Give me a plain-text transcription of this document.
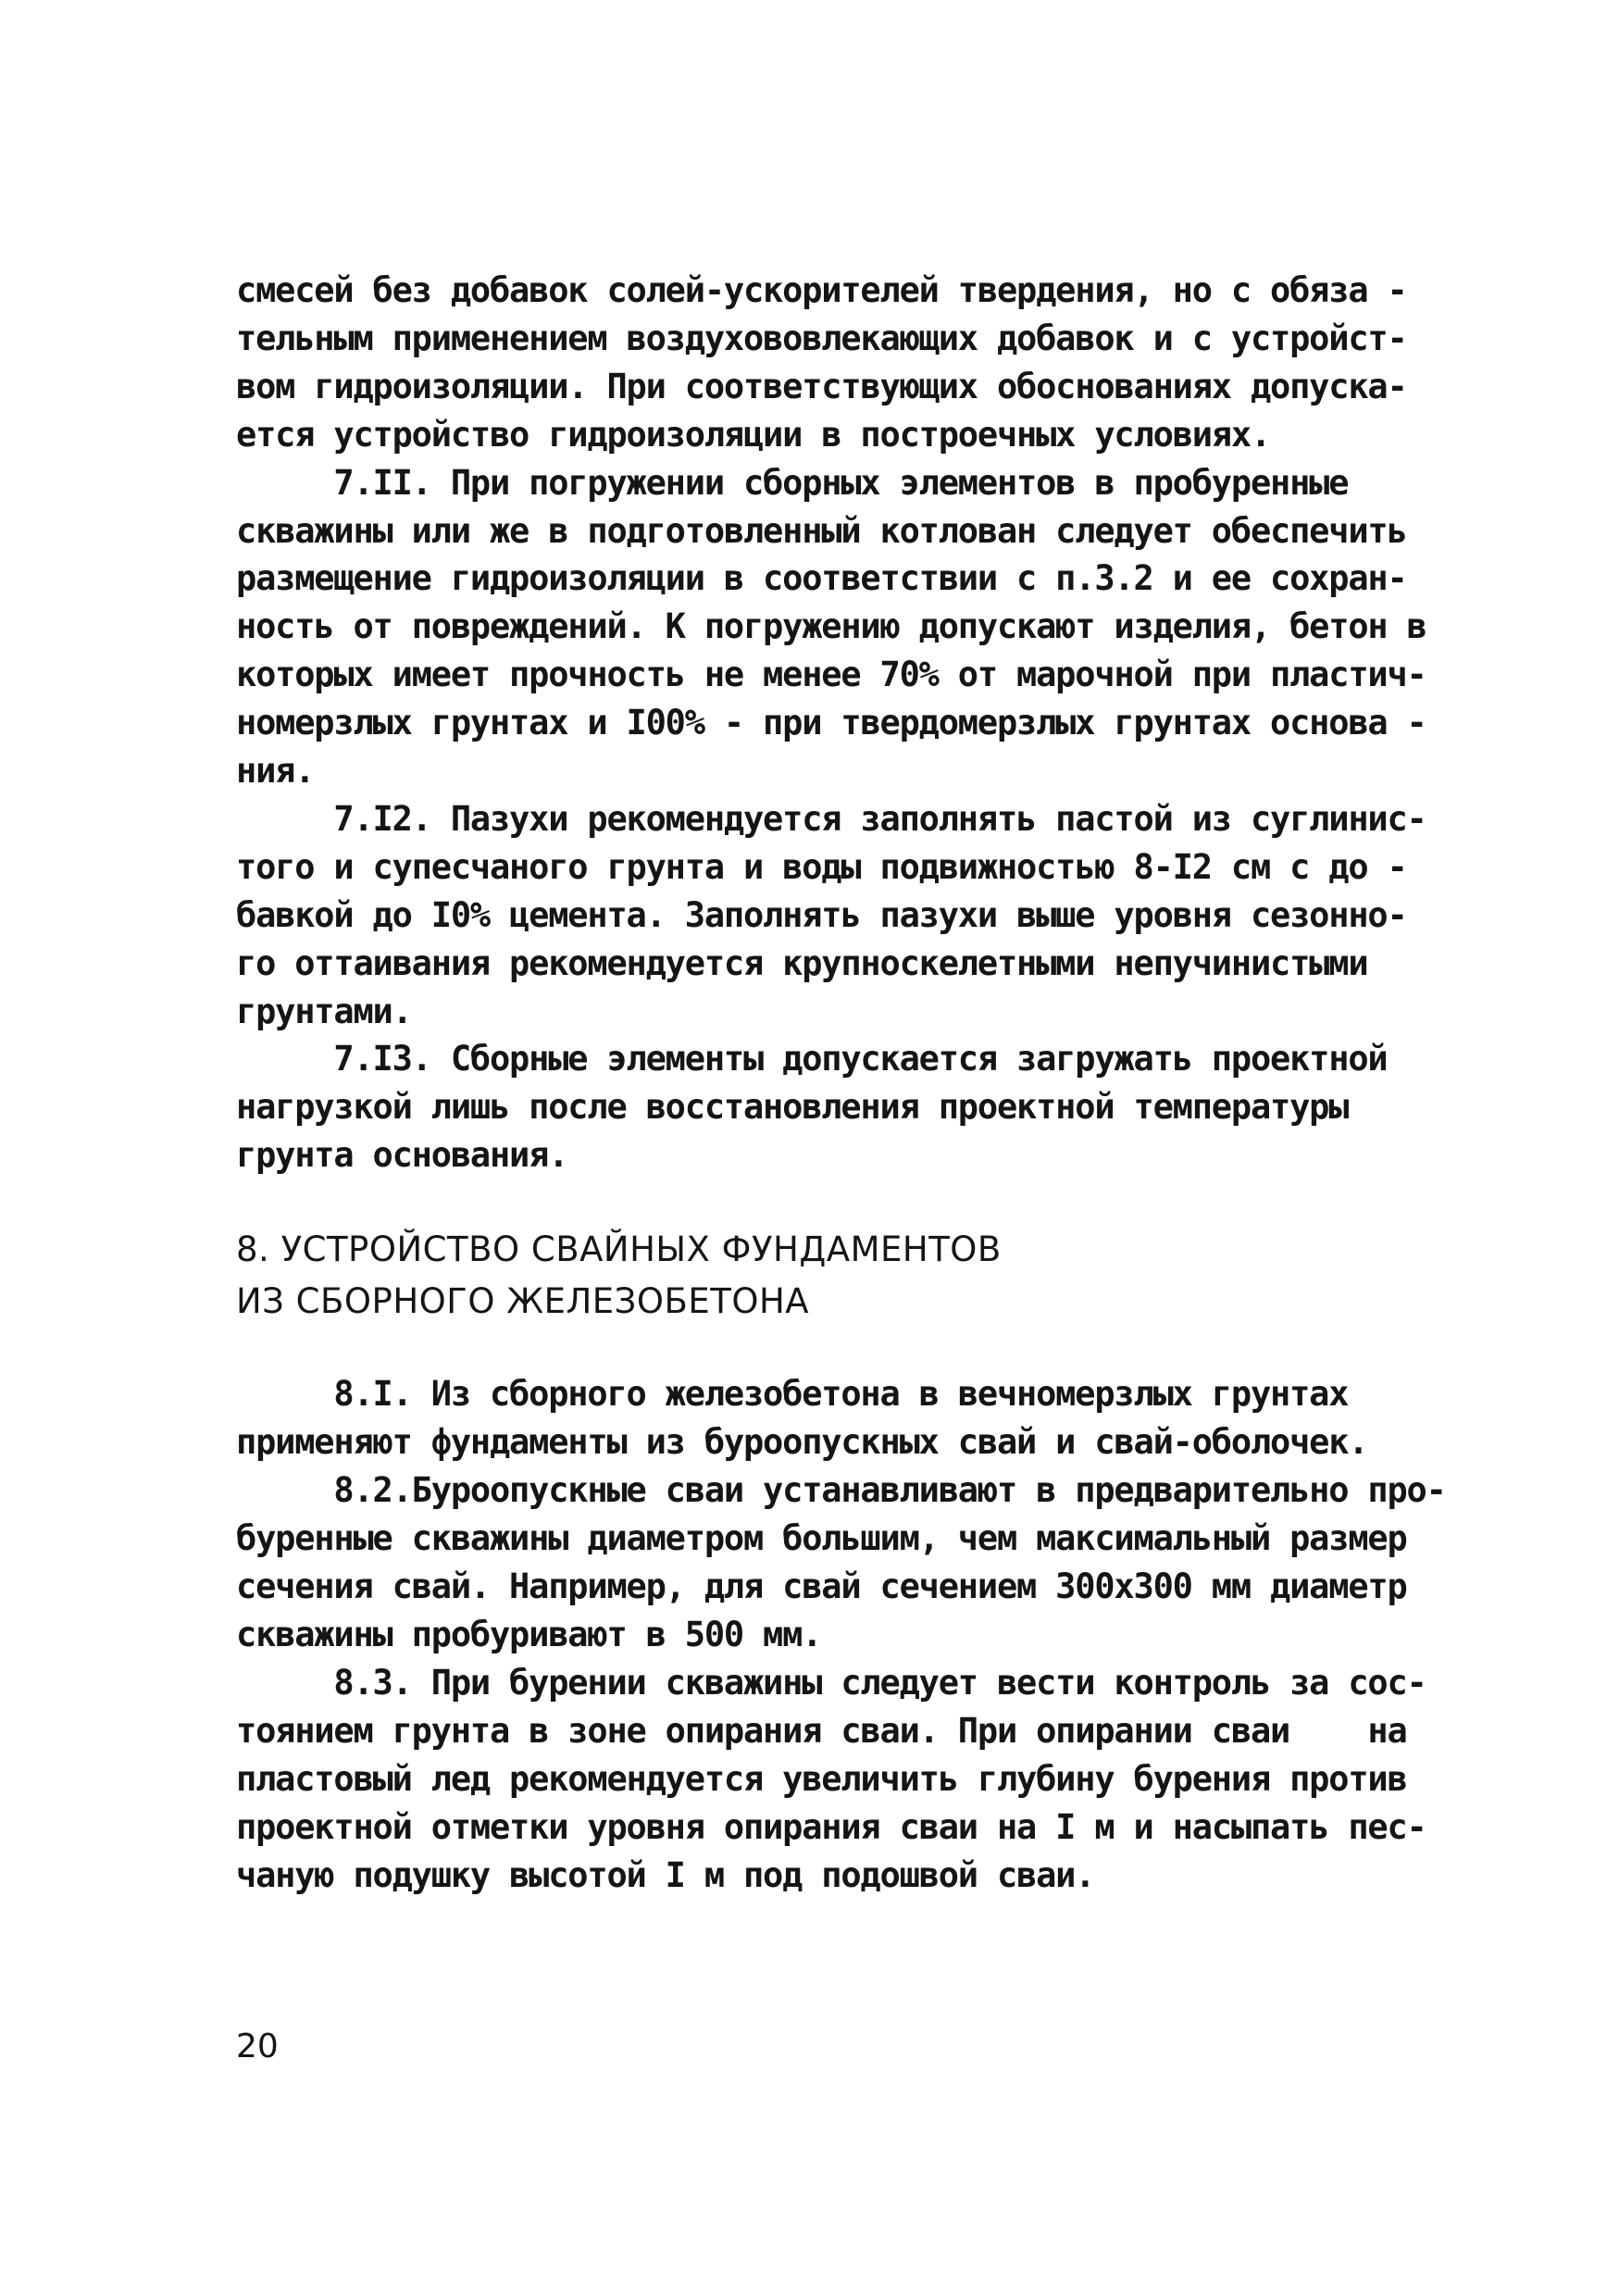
смесей без добавок солей-ускорителей твердения, но с обяза -
тельным применением воздухововлекающих добавок и с устройст-
вом гидроизоляции. При соответствующих обоснованиях допуска-
ется устройство гидроизоляции в построечных условиях.
7.II. При погружении сборных элементов в пробуренные
скважины или же в подготовленный котлован следует обеспечить
размещение гидроизоляции в соответствии с п.3.2 и ее сохран-
ность от повреждений. К погружению допускают изделия, бетон в
которых имеет прочность не менее 70% от марочной при пластич-
номерзлых грунтах и I00% - при твердомерзлых грунтах основа -
ния.
7.I2. Пазухи рекомендуется заполнять пастой из суглинис-
того и супесчаного грунта и воды подвижностью 8-I2 см с до -
бавкой до I0% цемента. Заполнять пазухи выше уровня сезонно-
го оттаивания рекомендуется крупноскелетными непучинистыми
грунтами.
7.I3. Сборные элементы допускается загружать проектной
нагрузкой лишь после восстановления проектной температуры
грунта основания.
8. УСТРОЙСТВО СВАЙНЫХ ФУНДАМЕНТОВ
ИЗ СБОРНОГО ЖЕЛЕЗОБЕТОНА
8.I. Из сборного железобетона в вечномерзлых грунтах
применяют фундаменты из буроопускных свай и свай-оболочек.
8.2.Буроопускные сваи устанавливают в предварительно про-
буренные скважины диаметром большим, чем максимальный размер
сечения свай. Например, для свай сечением 300х300 мм диаметр
скважины пробуривают в 500 мм.
8.3. При бурении скважины следует вести контроль за сос-
тоянием грунта в зоне опирания сваи. При опирании сваи    на
пластовый лед рекомендуется увеличить глубину бурения против
проектной отметки уровня опирания сваи на I м и насыпать пес-
чаную подушку высотой I м под подошвой сваи.
20
